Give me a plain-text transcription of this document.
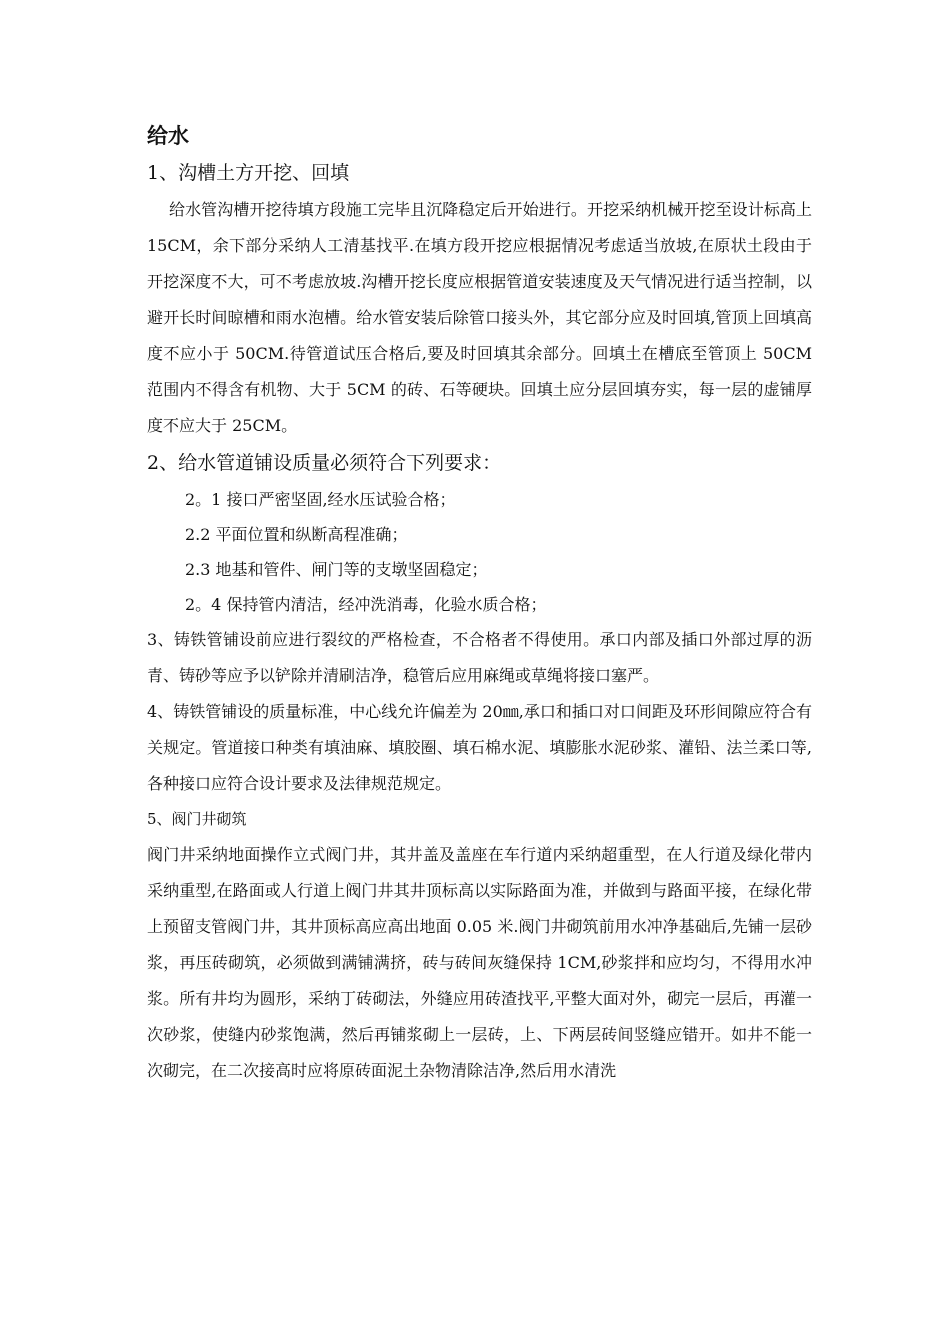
给水

1、沟槽土方开挖、回填

给水管沟槽开挖待填方段施工完毕且沉降稳定后开始进行。开挖采纳机械开挖至设计标高上 15CM，余下部分采纳人工清基找平.在填方段开挖应根据情况考虑适当放坡,在原状土段由于开挖深度不大，可不考虑放坡.沟槽开挖长度应根据管道安装速度及天气情况进行适当控制，以避开长时间晾槽和雨水泡槽。给水管安装后除管口接头外，其它部分应及时回填,管顶上回填高度不应小于 50CM.待管道试压合格后,要及时回填其余部分。回填土在槽底至管顶上 50CM 范围内不得含有机物、大于 5CM 的砖、石等硬块。回填土应分层回填夯实，每一层的虚铺厚度不应大于 25CM。

2、给水管道铺设质量必须符合下列要求：

2。1 接口严密坚固,经水压试验合格；

2.2 平面位置和纵断高程准确；

2.3 地基和管件、闸门等的支墩坚固稳定；

2。4 保持管内清洁，经冲洗消毒，化验水质合格；

3、铸铁管铺设前应进行裂纹的严格检查，不合格者不得使用。承口内部及插口外部过厚的沥青、铸砂等应予以铲除并清刷洁净，稳管后应用麻绳或草绳将接口塞严。

4、铸铁管铺设的质量标准，中心线允许偏差为 20㎜,承口和插口对口间距及环形间隙应符合有关规定。管道接口种类有填油麻、填胶圈、填石棉水泥、填膨胀水泥砂浆、灌铅、法兰柔口等,各种接口应符合设计要求及法律规范规定。

5、阀门井砌筑

阀门井采纳地面操作立式阀门井，其井盖及盖座在车行道内采纳超重型，在人行道及绿化带内采纳重型,在路面或人行道上阀门井其井顶标高以实际路面为准，并做到与路面平接，在绿化带上预留支管阀门井，其井顶标高应高出地面 0.05 米.阀门井砌筑前用水冲净基础后,先铺一层砂浆，再压砖砌筑，必须做到满铺满挤，砖与砖间灰缝保持 1CM,砂浆拌和应均匀，不得用水冲浆。所有井均为圆形，采纳丁砖砌法，外缝应用砖渣找平,平整大面对外，砌完一层后，再灌一次砂浆，使缝内砂浆饱满，然后再铺浆砌上一层砖，上、下两层砖间竖缝应错开。如井不能一次砌完，在二次接高时应将原砖面泥土杂物清除洁净,然后用水清洗
